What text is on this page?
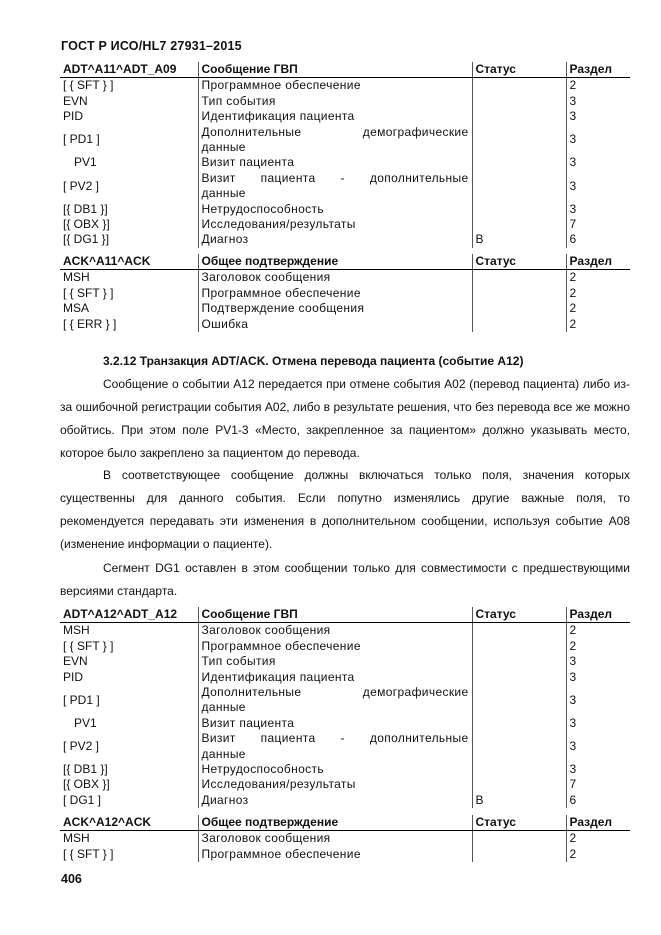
ГОСТ Р ИСО/HL7 27931–2015
ADT^A11^ADT_A09	Сообщение ГВП	Статус	Раздел
[ { SFT } ]	Программное обеспечение		2
EVN	Тип события		3
PID	Идентификация пациента		3
[ PD1 ]	Дополнительные демографические данные		3
PV1	Визит пациента		3
[ PV2 ]	Визит пациента - дополнительные данные		3
[{ DB1 }]	Нетрудоспособность		3
[{ OBX }]	Исследования/результаты		7
[{ DG1 }]	Диагноз	B	6
ACK^A11^ACK	Общее подтверждение	Статус	Раздел
MSH	Заголовок сообщения		2
[ { SFT } ]	Программное обеспечение		2
MSA	Подтверждение сообщения		2
[ { ERR } ]	Ошибка		2
3.2.12 Транзакция ADT/ACK. Отмена перевода пациента (событие A12)

Сообщение о событии A12 передается при отмене события A02 (перевод пациента) либо из-за ошибочной регистрации события A02, либо в результате решения, что без перевода все же можно обойтись. При этом поле PV1-3 «Место, закрепленное за пациентом» должно указывать место, которое было закреплено за пациентом до перевода.

В соответствующее сообщение должны включаться только поля, значения которых существенны для данного события. Если попутно изменялись другие важные поля, то рекомендуется передавать эти изменения в дополнительном сообщении, используя событие A08 (изменение информации о пациенте).

Сегмент DG1 оставлен в этом сообщении только для совместимости с предшествующими версиями стандарта.

ADT^A12^ADT_A12	Сообщение ГВП	Статус	Раздел
MSH	Заголовок сообщения		2
[ { SFT } ]	Программное обеспечение		2
EVN	Тип события		3
PID	Идентификация пациента		3
[ PD1 ]	Дополнительные демографические данные		3
PV1	Визит пациента		3
[ PV2 ]	Визит пациента - дополнительные данные		3
[{ DB1 }]	Нетрудоспособность		3
[{ OBX }]	Исследования/результаты		7
[ DG1 ]	Диагноз	B	6
ACK^A12^ACK	Общее подтверждение	Статус	Раздел
MSH	Заголовок сообщения		2
[ { SFT } ]	Программное обеспечение		2
406
